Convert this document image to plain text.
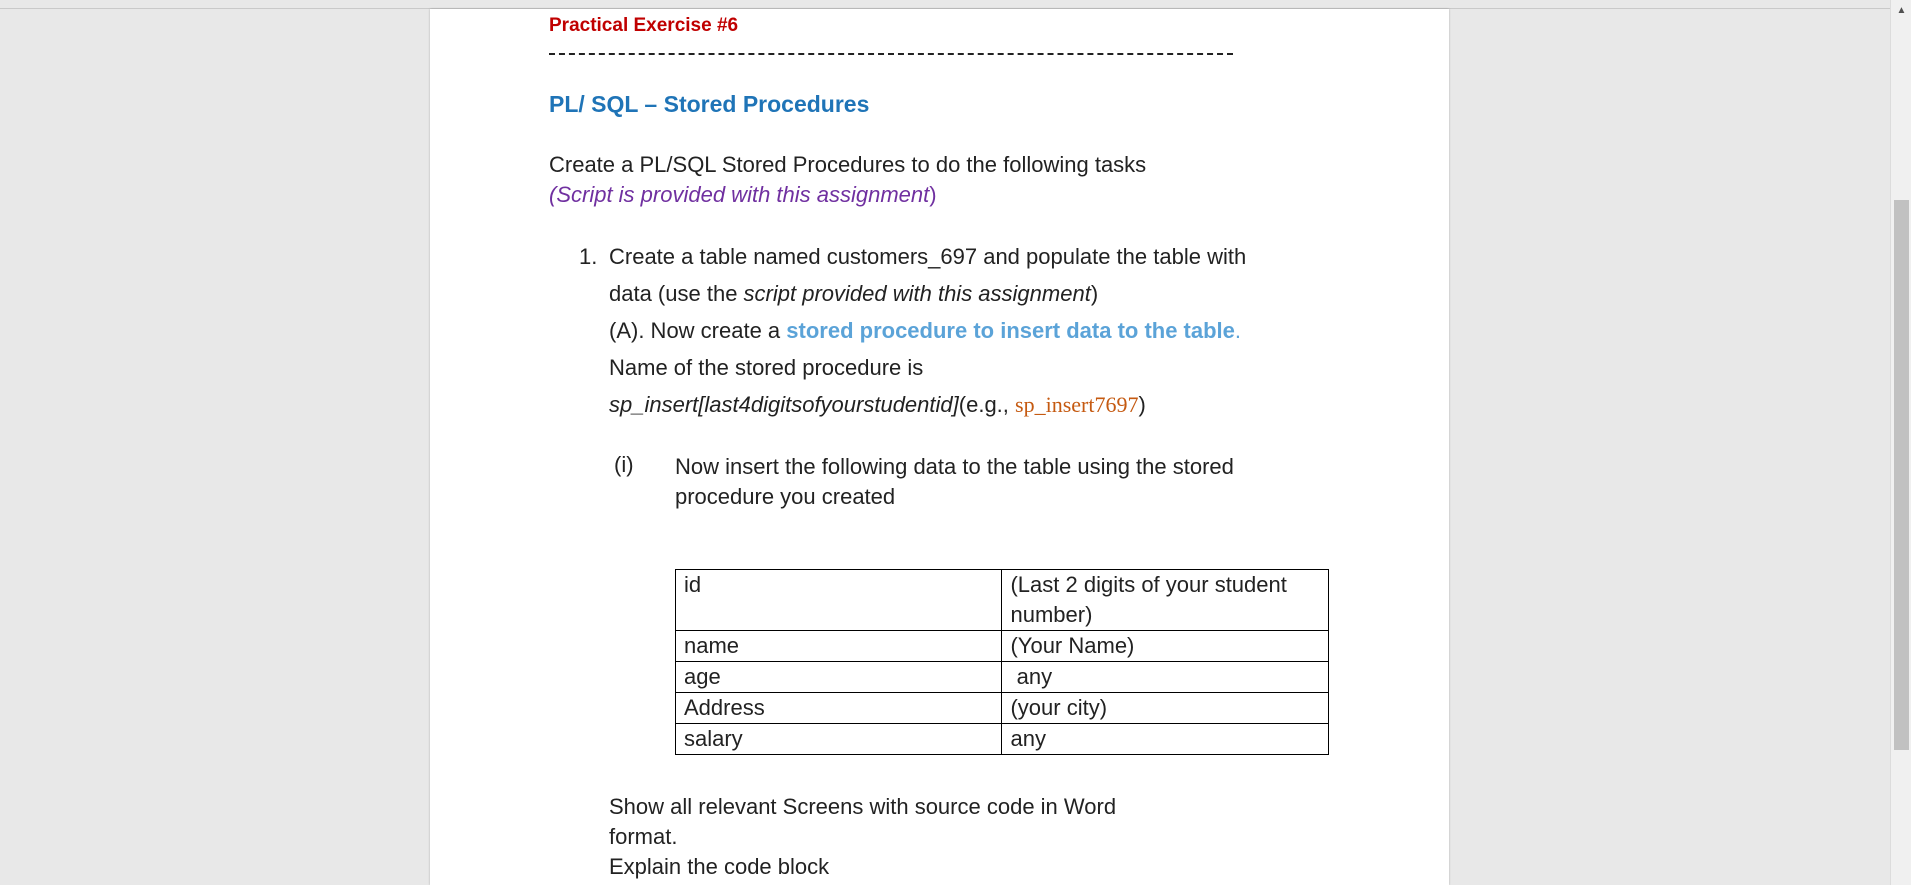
Practical Exercise #6
PL/ SQL – Stored Procedures
Create a PL/SQL Stored Procedures to do the following tasks
(Script is provided with this assignment)
1. Create a table named customers_697 and populate the table with
data (use the script provided with this assignment)
(A). Now create a stored procedure to insert data to the table.
Name of the stored procedure is
sp_insert[last4digitsofyourstudentid](e.g., sp_insert7697)
(i) Now insert the following data to the table using the stored procedure you created
id	(Last 2 digits of your student number)
name	(Your Name)
age	any
Address	(your city)
salary	any
Show all relevant Screens with source code in Word
format.
Explain the code block
▲
